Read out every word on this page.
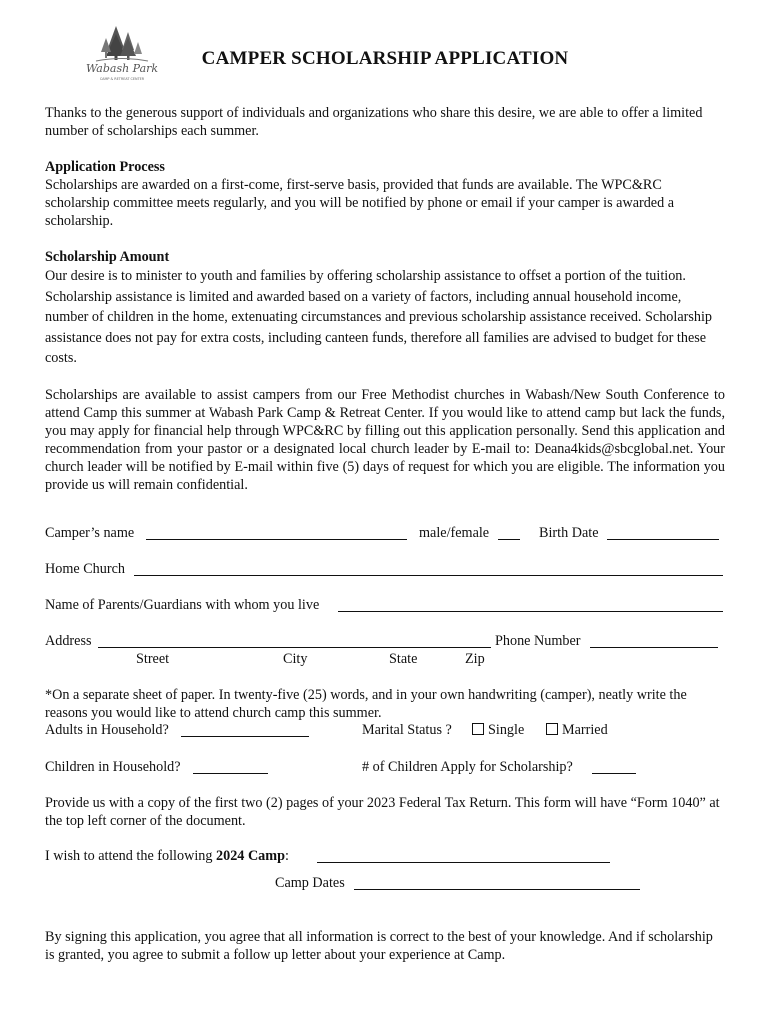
Wabash Park
CAMP & RETREAT CENTER
CAMPER SCHOLARSHIP APPLICATION

Thanks to the generous support of individuals and organizations who share this desire, we are able to offer a limited number of scholarships each summer.

Application Process
Scholarships are awarded on a first-come, first-serve basis, provided that funds are available. The WPC&RC scholarship committee meets regularly, and you will be notified by phone or email if your camper is awarded a scholarship.
Scholarship Amount
Our desire is to minister to youth and families by offering scholarship assistance to offset a portion of the tuition. Scholarship assistance is limited and awarded based on a variety of factors, including annual household income, number of children in the home, extenuating circumstances and previous scholarship assistance received. Scholarship assistance does not pay for extra costs, including canteen funds, therefore all families are advised to budget for these costs.

Scholarships are available to assist campers from our Free Methodist churches in Wabash/New South Conference to attend Camp this summer at Wabash Park Camp & Retreat Center. If you would like to attend camp but lack the funds, you may apply for financial help through WPC&RC by filling out this application personally. Send this application and recommendation from your pastor or a designated local church leader by E-mail to: Deana4kids@sbcglobal.net. Your church leader will be notified by E-mail within five (5) days of request for which you are eligible. The information you provide us will remain confidential.

Camper’s name	male/female	Birth Date
Home Church
Name of Parents/Guardians with whom you live
Address	Phone Number
Street	City	State	Zip

*On a separate sheet of paper. In twenty-five (25) words, and in your own handwriting (camper), neatly write the reasons you would like to attend church camp this summer.

Adults in Household?	Marital Status ?	Single	Married
Children in Household?	# of Children Apply for Scholarship?

Provide us with a copy of the first two (2) pages of your 2023 Federal Tax Return. This form will have “Form 1040” at the top left corner of the document.

I wish to attend the following 2024 Camp:
Camp Dates

By signing this application, you agree that all information is correct to the best of your knowledge. And if scholarship is granted, you agree to submit a follow up letter about your experience at Camp.
